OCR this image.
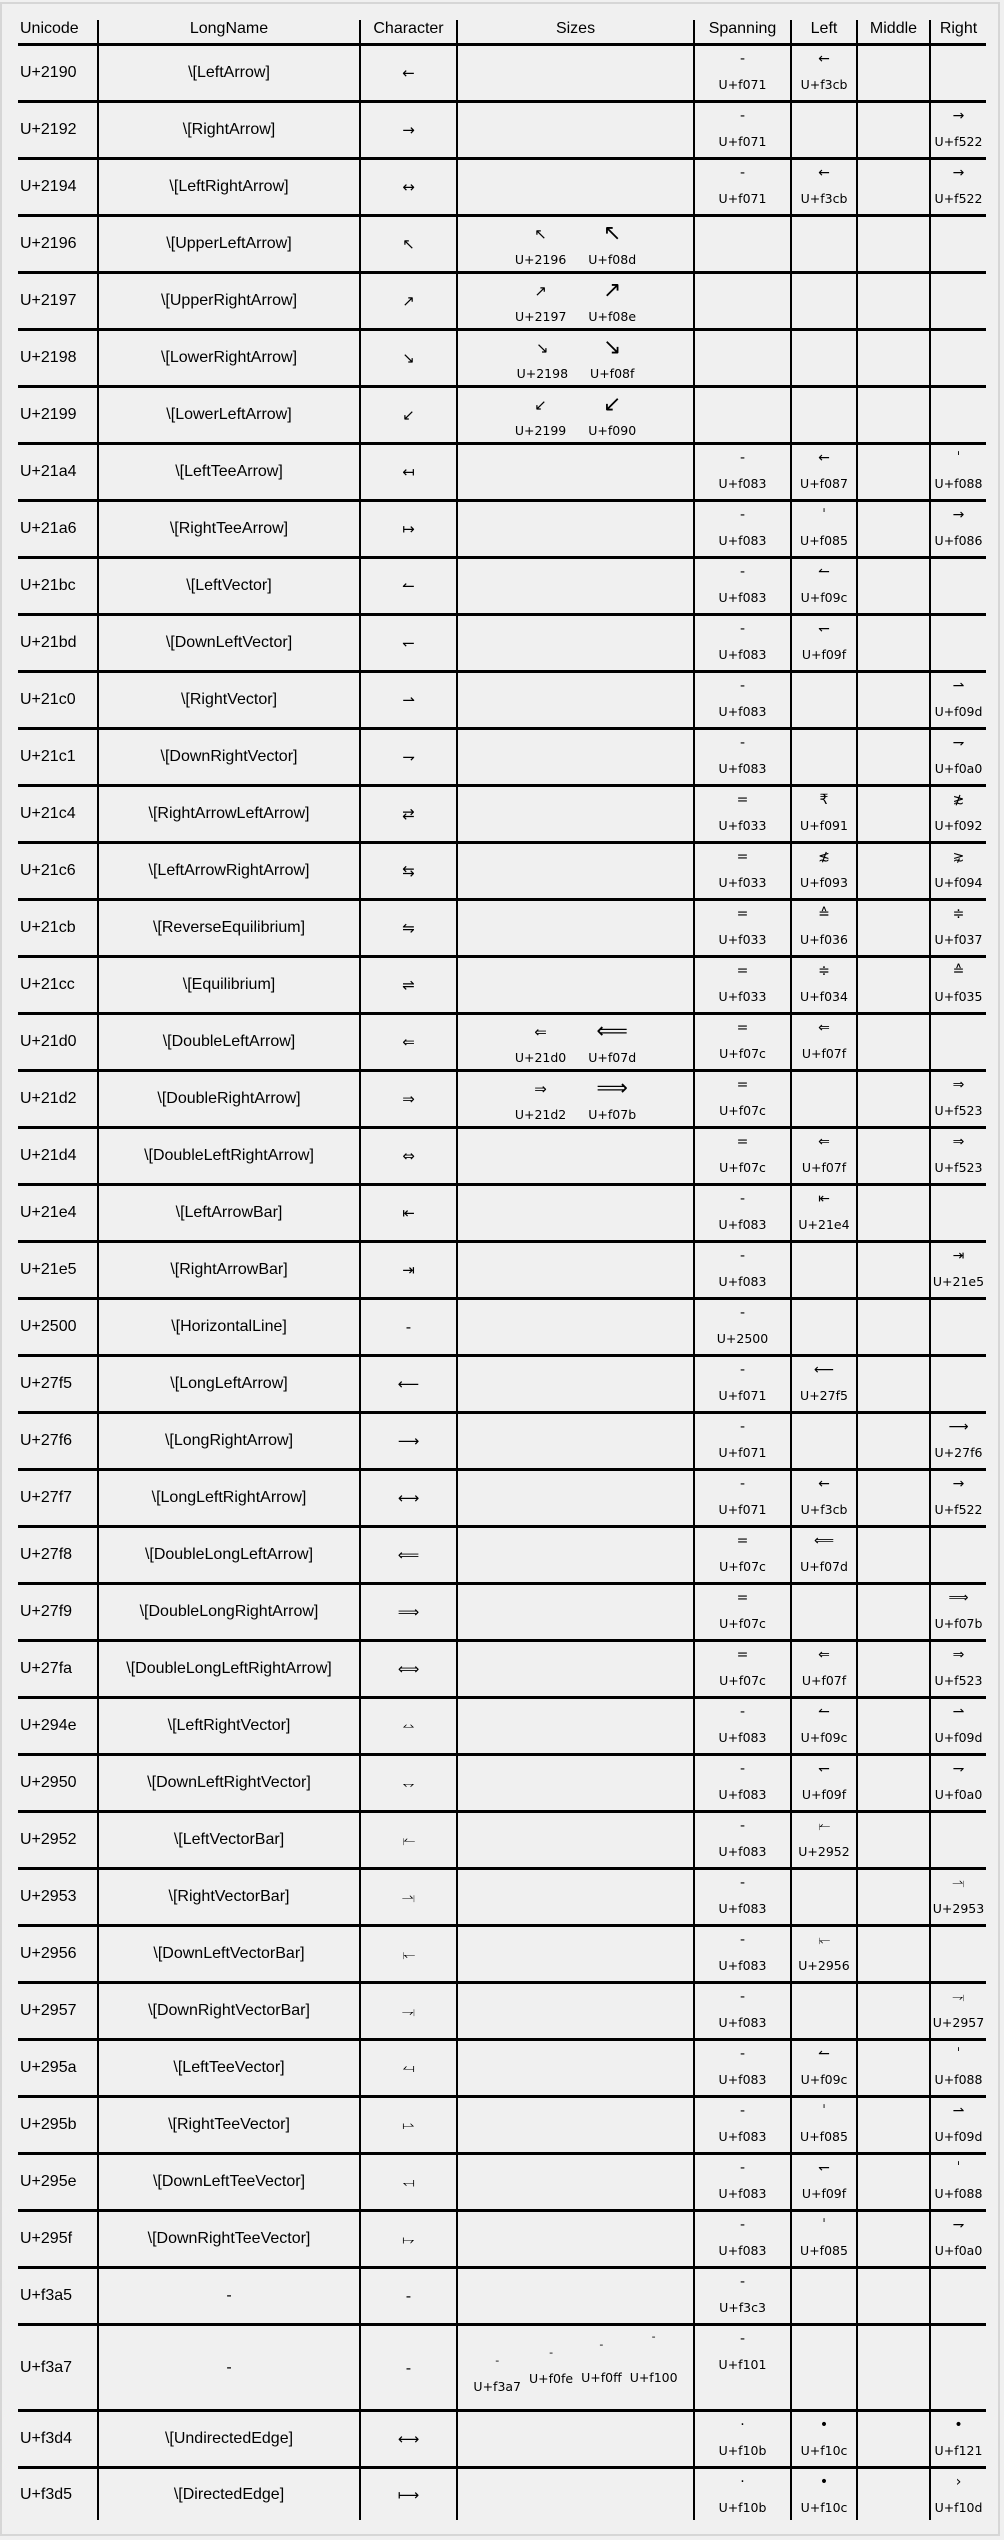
Unicode	LongName	Character	Sizes	Spanning	Left	Middle	Right
U+2190	\[LeftArrow]	←
-
U+f071
←
U+f3cb
U+2192	\[RightArrow]	→
-
U+f071
→
U+f522
U+2194	\[LeftRightArrow]	↔
-
U+f071
←
U+f3cb
→
U+f522
U+2196	\[UpperLeftArrow]	↖
↖
U+2196
↖
U+f08d
U+2197	\[UpperRightArrow]	↗
↗
U+2197
↗
U+f08e
U+2198	\[LowerRightArrow]	↘
↘
U+2198
↘
U+f08f
U+2199	\[LowerLeftArrow]	↙
↙
U+2199
↙
U+f090
U+21a4	\[LeftTeeArrow]	↤
-
U+f083
←
U+f087
ˈ
U+f088
U+21a6	\[RightTeeArrow]	↦
-
U+f083
ˈ
U+f085
→
U+f086
U+21bc	\[LeftVector]	↼
-
U+f083
↼
U+f09c
U+21bd	\[DownLeftVector]	↽
-
U+f083
↽
U+f09f
U+21c0	\[RightVector]	⇀
-
U+f083
⇀
U+f09d
U+21c1	\[DownRightVector]	⇁
-
U+f083
⇁
U+f0a0
U+21c4	\[RightArrowLeftArrow]	⇄
=
U+f033
₹
U+f091
≵
U+f092
U+21c6	\[LeftArrowRightArrow]	⇆
=
U+f033
≴
U+f093
⋧
U+f094
U+21cb	\[ReverseEquilibrium]	⇋
=
U+f033
≙
U+f036
≑
U+f037
U+21cc	\[Equilibrium]	⇌
=
U+f033
≑
U+f034
≙
U+f035
U+21d0	\[DoubleLeftArrow]	⇐
⇐
U+21d0
⟸
U+f07d
=
U+f07c
⇐
U+f07f
U+21d2	\[DoubleRightArrow]	⇒
⇒
U+21d2
⟹
U+f07b
=
U+f07c
⇒
U+f523
U+21d4	\[DoubleLeftRightArrow]	⇔
=
U+f07c
⇐
U+f07f
⇒
U+f523
U+21e4	\[LeftArrowBar]	⇤
-
U+f083
⇤
U+21e4
U+21e5	\[RightArrowBar]	⇥
-
U+f083
⇥
U+21e5
U+2500	\[HorizontalLine]	-
-
U+2500
U+27f5	\[LongLeftArrow]	⟵
-
U+f071
⟵
U+27f5
U+27f6	\[LongRightArrow]	⟶
-
U+f071
⟶
U+27f6
U+27f7	\[LongLeftRightArrow]	⟷
-
U+f071
←
U+f3cb
→
U+f522
U+27f8	\[DoubleLongLeftArrow]	⟸
=
U+f07c
⟸
U+f07d
U+27f9	\[DoubleLongRightArrow]	⟹
=
U+f07c
⟹
U+f07b
U+27fa	\[DoubleLongLeftRightArrow]	⟺
=
U+f07c
⇐
U+f07f
⇒
U+f523
U+294e	\[LeftRightVector]	⥎
-
U+f083
↼
U+f09c
⇀
U+f09d
U+2950	\[DownLeftRightVector]	⥐
-
U+f083
↽
U+f09f
⇁
U+f0a0
U+2952	\[LeftVectorBar]	⥒
-
U+f083
⥒
U+2952
U+2953	\[RightVectorBar]	⥓
-
U+f083
⥓
U+2953
U+2956	\[DownLeftVectorBar]	⥖
-
U+f083
⥖
U+2956
U+2957	\[DownRightVectorBar]	⥗
-
U+f083
⥗
U+2957
U+295a	\[LeftTeeVector]	⥚
-
U+f083
↼
U+f09c
ˈ
U+f088
U+295b	\[RightTeeVector]	⥛
-
U+f083
ˈ
U+f085
⇀
U+f09d
U+295e	\[DownLeftTeeVector]	⥞
-
U+f083
↽
U+f09f
ˈ
U+f088
U+295f	\[DownRightTeeVector]	⥟
-
U+f083
ˈ
U+f085
⇁
U+f0a0
U+f3a5	-	-
-
U+f3c3
U+f3a7	-	-	-
U+f3a7
-
U+f0fe
-
U+f0ff
-
U+f100
-
U+f101
U+f3d4	\[UndirectedEdge]	⟷
·
U+f10b
•
U+f10c
•
U+f121
U+f3d5	\[DirectedEdge]	⟼
·
U+f10b
•
U+f10c
›
U+f10d
